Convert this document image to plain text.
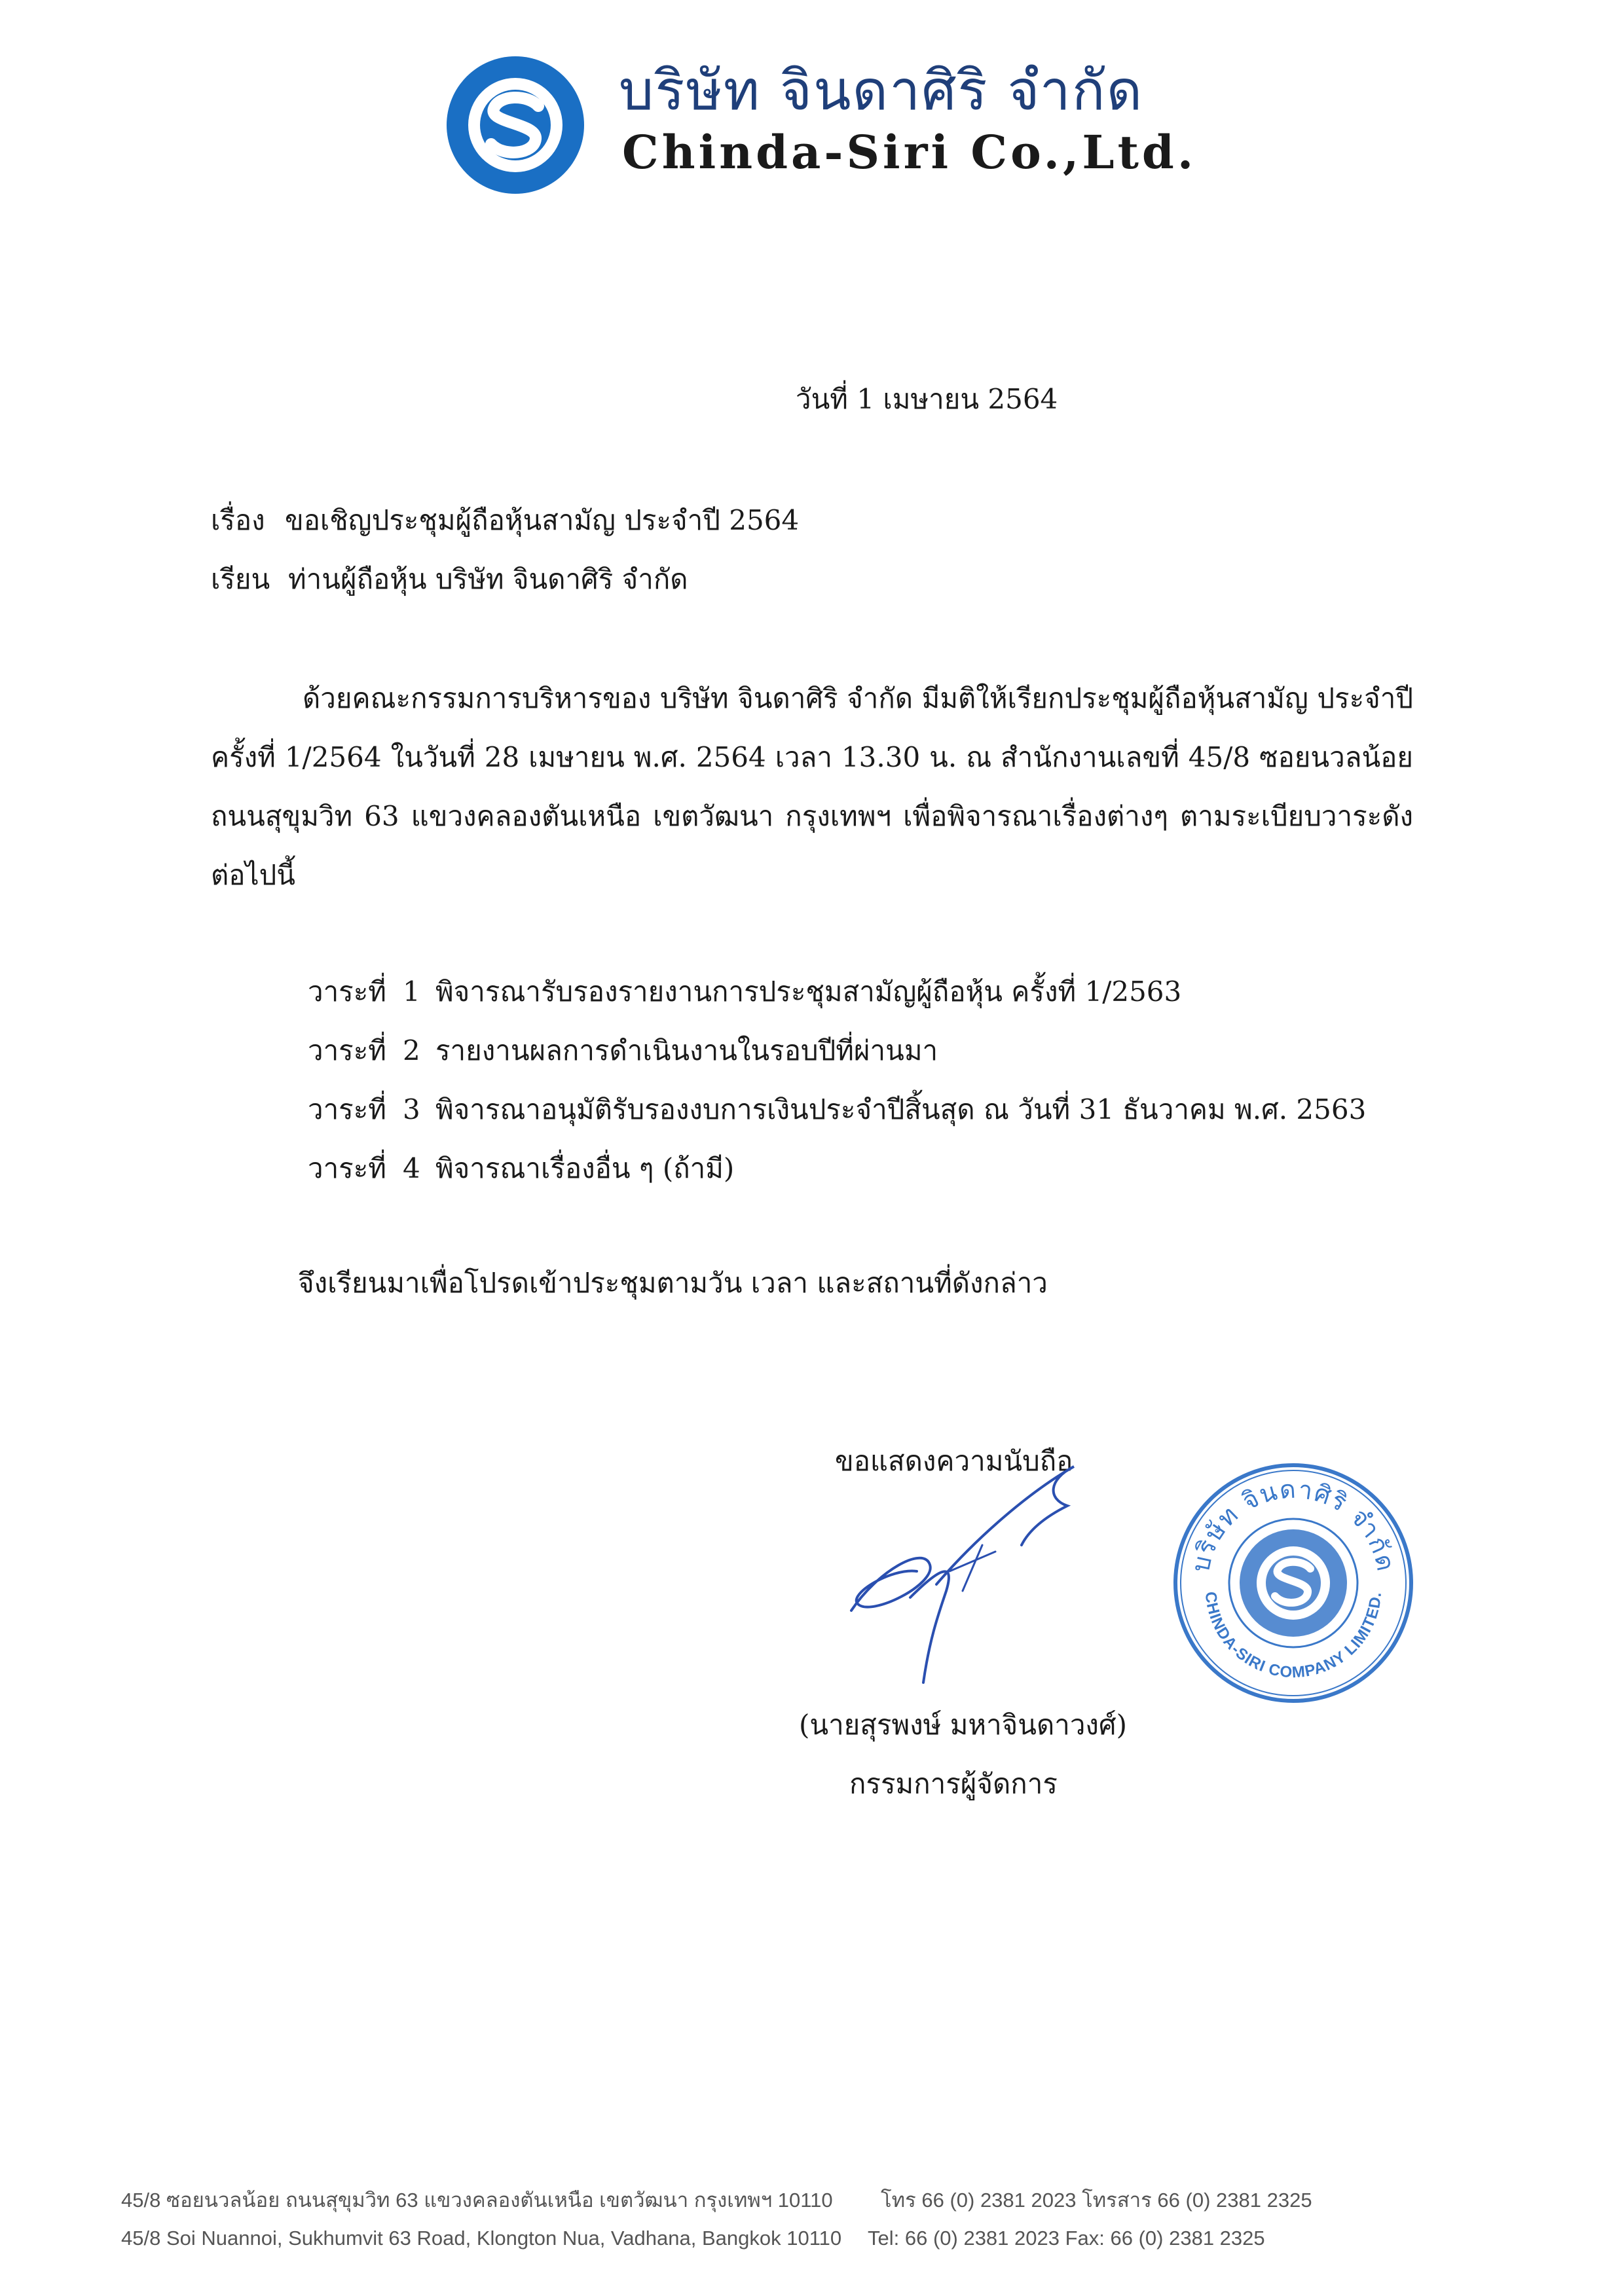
บริษัท จินดาศิริ จำกัด
Chinda-Siri Co.,Ltd.
วันที่ 1 เมษายน 2564
เรื่อง ขอเชิญประชุมผู้ถือหุ้นสามัญ ประจำปี 2564
เรียน ท่านผู้ถือหุ้น บริษัท จินดาศิริ จำกัด
ด้วยคณะกรรมการบริหารของ บริษัท จินดาศิริ จำกัด มีมติให้เรียกประชุมผู้ถือหุ้นสามัญ ประจำปี ครั้งที่ 1/2564 ในวันที่ 28 เมษายน พ.ศ. 2564 เวลา 13.30 น. ณ สำนักงานเลขที่ 45/8 ซอยนวลน้อย ถนนสุขุมวิท 63 แขวงคลองตันเหนือ เขตวัฒนา กรุงเทพฯ เพื่อพิจารณาเรื่องต่างๆ ตามระเบียบวาระดังต่อไปนี้
วาระที่ 1 พิจารณารับรองรายงานการประชุมสามัญผู้ถือหุ้น ครั้งที่ 1/2563
วาระที่ 2 รายงานผลการดำเนินงานในรอบปีที่ผ่านมา
วาระที่ 3 พิจารณาอนุมัติรับรองงบการเงินประจำปีสิ้นสุด ณ วันที่ 31 ธันวาคม พ.ศ. 2563
วาระที่ 4 พิจารณาเรื่องอื่น ๆ (ถ้ามี)
จึงเรียนมาเพื่อโปรดเข้าประชุมตามวัน เวลา และสถานที่ดังกล่าว
ขอแสดงความนับถือ
(นายสุรพงษ์ มหาจินดาวงศ์)
กรรมการผู้จัดการ
บริษัท จินดาศิริ จำกัด
CHINDA-SIRI COMPANY LIMITED.
45/8 ซอยนวลน้อย ถนนสุขุมวิท 63 แขวงคลองตันเหนือ เขตวัฒนา กรุงเทพฯ 10110 โทร 66 (0) 2381 2023 โทรสาร 66 (0) 2381 2325
45/8 Soi Nuannoi, Sukhumvit 63 Road, Klongton Nua, Vadhana, Bangkok 10110 Tel: 66 (0) 2381 2023 Fax: 66 (0) 2381 2325
